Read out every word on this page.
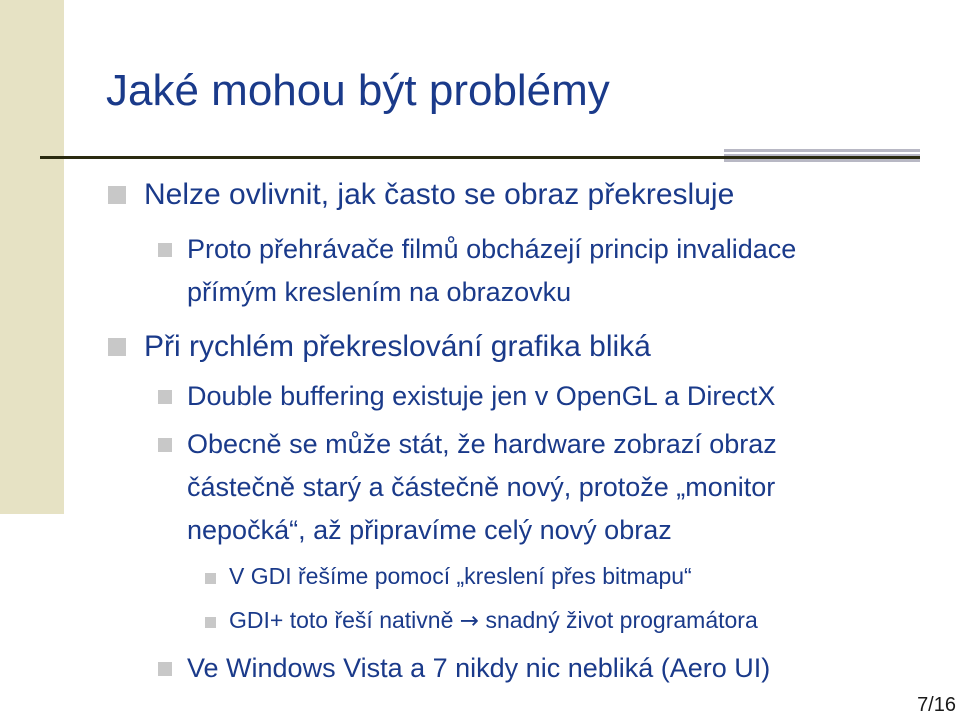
Jaké mohou být problémy
Nelze ovlivnit, jak často se obraz překresluje
Proto přehrávače filmů obcházejí princip invalidace
přímým kreslením na obrazovku
Při rychlém překreslování grafika bliká
Double buffering existuje jen v OpenGL a DirectX
Obecně se může stát, že hardware zobrazí obraz
částečně starý a částečně nový, protože „monitor
nepočká“, až připravíme celý nový obraz
V GDI řešíme pomocí „kreslení přes bitmapu“
GDI+ toto řeší nativně → snadný život programátora
Ve Windows Vista a 7 nikdy nic nebliká (Aero UI)
7/16
